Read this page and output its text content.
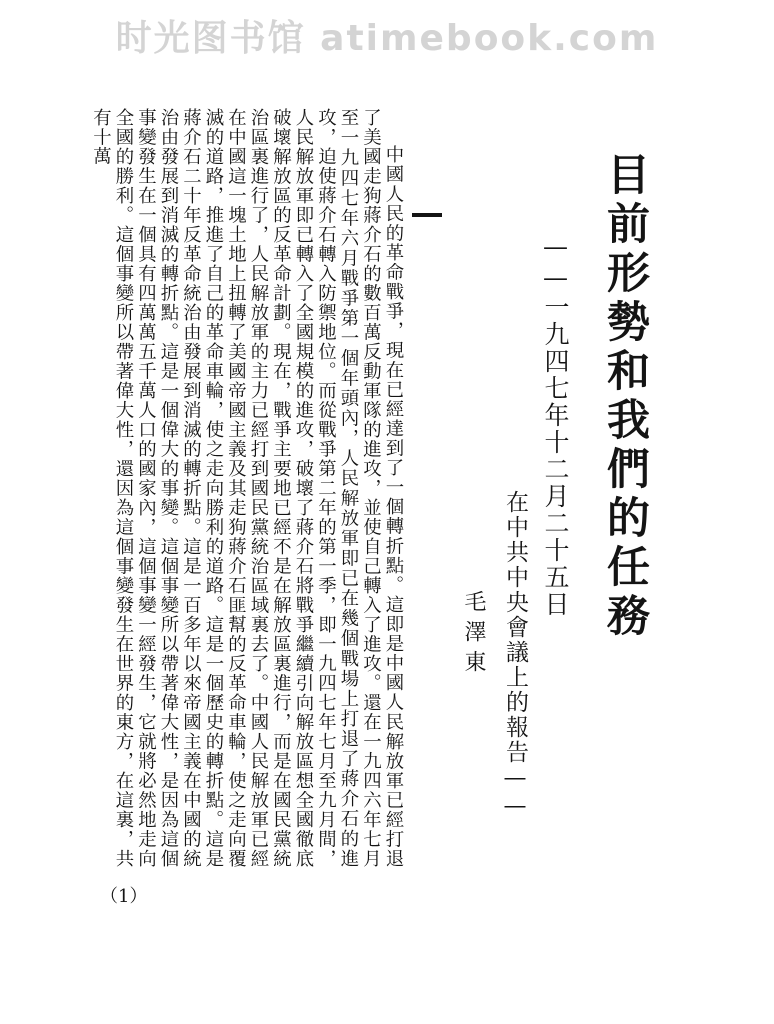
时光图书馆 atimebook.com
目前形勢和我們的任務
——一九四七年十二月二十五日
在中共中央會議上的報告——
毛澤東
中國人民的革命戰爭，現在已經達到了一個轉折點。這即是中國人民解放軍已經打退了美國走狗蔣介石的數百萬反動軍隊的進攻，並使自己轉入了進攻。還在一九四六年七月至一九四七年六月戰爭第一個年頭內，人民解放軍即已在幾個戰場上打退了蔣介石的進攻，迫使蔣介石轉入防禦地位。而從戰爭第二年的第一季，即一九四七年七月至九月間，人民解放軍即已轉入了全國規模的進攻，破壞了蔣介石將戰爭繼續引向解放區想全國徹底破壞解放區的反革命計劃。現在，戰爭主要地已經不是在解放區裏進行，而是在國民黨統治區裏進行了，人民解放軍的主力已經打到國民黨統治區域裏去了。中國人民解放軍已經在中國這一塊土地上扭轉了美國帝國主義及其走狗蔣介石匪幫的反革命車輪，使之走向覆滅的道路，推進了自己的革命車輪，使之走向勝利的道路。這是一個歷史的轉折點。這是蔣介石二十年反革命統治由發展到消滅的轉折點。這是一百多年以來帝國主義在中國的統治由發展到消滅的轉折點。這是一個偉大的事變。這個事變所以帶著偉大性，是因為這個事變發生在一個具有四萬萬五千萬人口的國家內，這個事變一經發生，它就將必然地走向全國的勝利。這個事變所以帶著偉大性，還因為這個事變發生在世界的東方，在這裏，共有十萬
（1）
